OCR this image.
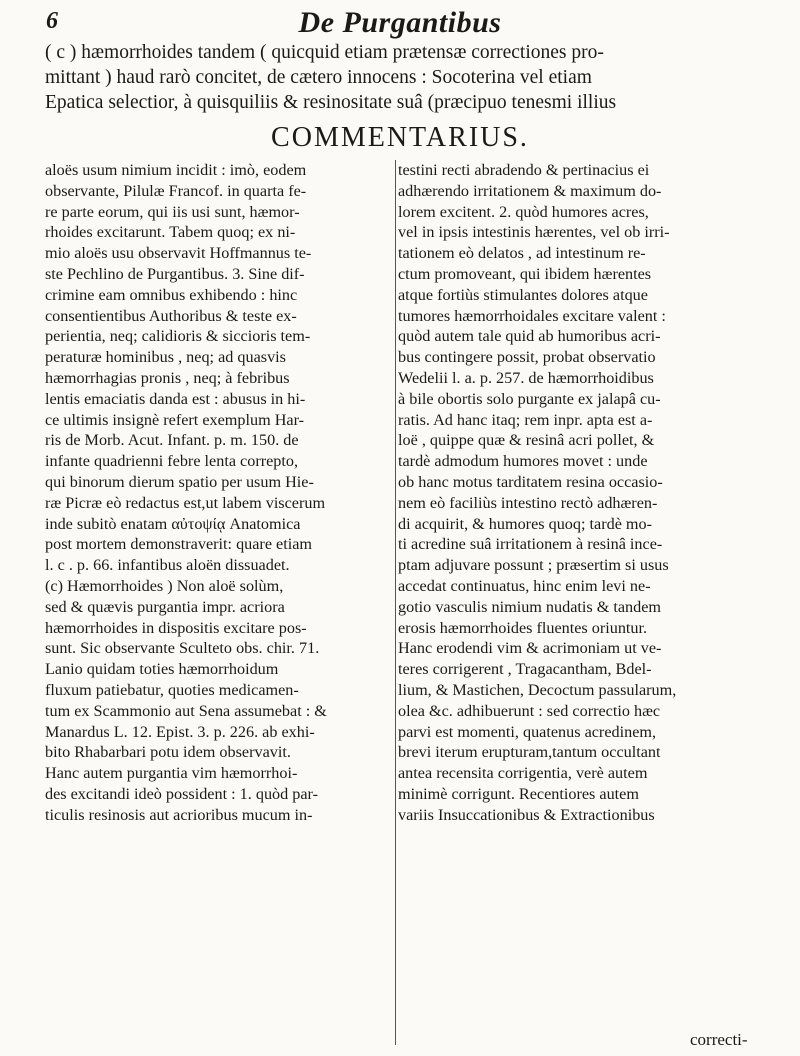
6	De Purgantibus
( c ) hæmorrhoides tandem ( quicquid etiam prætensæ correctiones pro-
mittant ) haud rarò concitet, de cætero innocens : Socoterina vel etiam
Epatica selectior, à quisquiliis & resinositate suâ (præcipuo tenesmi illius
COMMENTARIUS.
aloës usum nimium incidit : imò, eodem
observante, Pilulæ Francof. in quarta fe-
re parte eorum, qui iis usi sunt, hæmor-
rhoides excitarunt. Tabem quoq; ex ni-
mio aloës usu observavit Hoffmannus te-
ste Pechlino de Purgantibus. 3. Sine dif-
crimine eam omnibus exhibendo : hinc
consentientibus Authoribus & teste ex-
perientia, neq; calidioris & siccioris tem-
peraturæ hominibus , neq; ad quasvis
hæmorrhagias pronis , neq; à febribus
lentis emaciatis danda est : abusus in hi-
ce ultimis insignè refert exemplum Har-
ris de Morb. Acut. Infant. p. m. 150. de
infante quadrienni febre lenta correpto,
qui binorum dierum spatio per usum Hie-
ræ Picræ eò redactus est,ut labem viscerum
inde subitò enatam αὐτοψίᾳ Anatomica
post mortem demonstraverit: quare etiam
l. c . p. 66. infantibus aloën dissuadet.
(c) Hæmorrhoides ) Non aloë solùm,
sed & quævis purgantia impr. acriora
hæmorrhoides in dispositis excitare pos-
sunt. Sic observante Sculteto obs. chir. 71.
Lanio quidam toties hæmorrhoidum
fluxum patiebatur, quoties medicamen-
tum ex Scammonio aut Sena assumebat : &
Manardus L. 12. Epist. 3. p. 226. ab exhi-
bito Rhabarbari potu idem observavit.
Hanc autem purgantia vim hæmorrhoi-
des excitandi ideò possident : 1. quòd par-
ticulis resinosis aut acrioribus mucum in-
testini recti abradendo & pertinacius ei
adhærendo irritationem & maximum do-
lorem excitent. 2. quòd humores acres,
vel in ipsis intestinis hærentes, vel ob irri-
tationem eò delatos , ad intestinum re-
ctum promoveant, qui ibidem hærentes
atque fortiùs stimulantes dolores atque
tumores hæmorrhoidales excitare valent :
quòd autem tale quid ab humoribus acri-
bus contingere possit, probat observatio
Wedelii l. a. p. 257. de hæmorrhoidibus
à bile obortis solo purgante ex jalapâ cu-
ratis. Ad hanc itaq; rem inpr. apta est a-
loë , quippe quæ & resinâ acri pollet, &
tardè admodum humores movet : unde
ob hanc motus tarditatem resina occasio-
nem eò faciliùs intestino rectò adhæren-
di acquirit, & humores quoq; tardè mo-
ti acredine suâ irritationem à resinâ ince-
ptam adjuvare possunt ; præsertim si usus
accedat continuatus, hinc enim levi ne-
gotio vasculis nimium nudatis & tandem
erosis hæmorrhoides fluentes oriuntur.
Hanc erodendi vim & acrimoniam ut ve-
teres corrigerent , Tragacantham, Bdel-
lium, & Mastichen, Decoctum passularum,
olea &c. adhibuerunt : sed correctio hæc
parvi est momenti, quatenus acredinem,
brevi iterum erupturam,tantum occultant
antea recensita corrigentia, verè autem
minimè corrigunt. Recentiores autem
variis Insuccationibus & Extractionibus
correcti-
